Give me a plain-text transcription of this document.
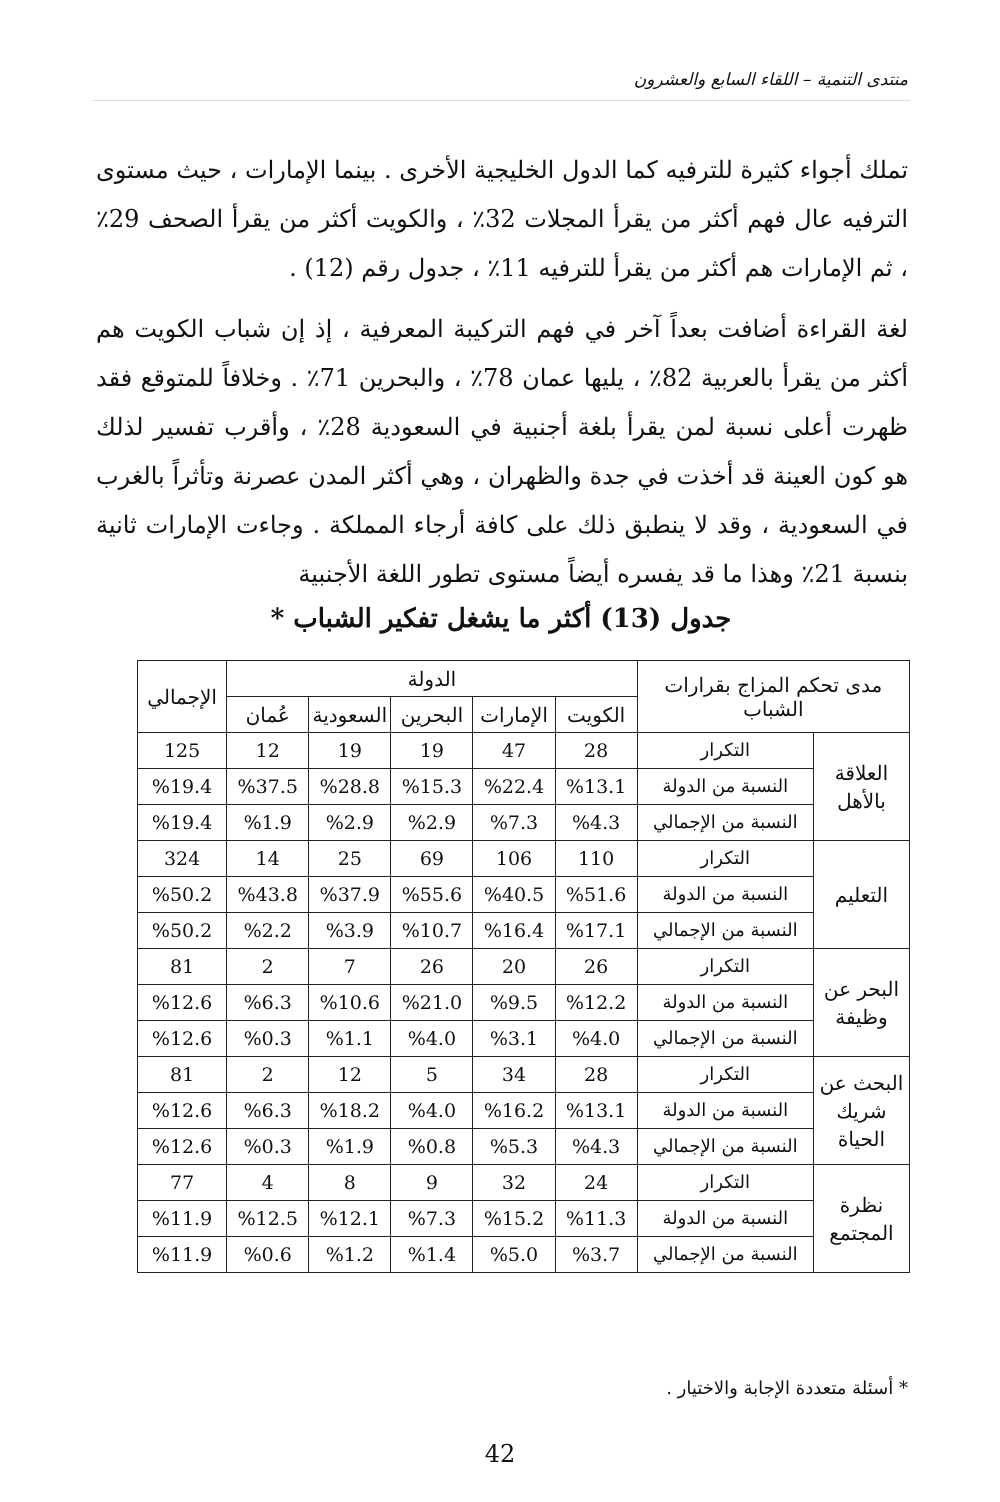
منتدى التنمية – اللقاء السابع والعشرون
تملك أجواء كثيرة للترفيه كما الدول الخليجية الأخرى . بينما الإمارات ، حيث مستوى الترفيه عال فهم أكثر من يقرأ المجلات 32٪ ، والكويت أكثر من يقرأ الصحف 29٪ ، ثم الإمارات هم أكثر من يقرأ للترفيه 11٪ ، جدول رقم (12) .
لغة القراءة أضافت بعداً آخر في فهم التركيبة المعرفية ، إذ إن شباب الكويت هم أكثر من يقرأ بالعربية 82٪ ، يليها عمان 78٪ ، والبحرين 71٪ . وخلافاً للمتوقع فقد ظهرت أعلى نسبة لمن يقرأ بلغة أجنبية في السعودية 28٪ ، وأقرب تفسير لذلك هو كون العينة قد أخذت في جدة والظهران ، وهي أكثر المدن عصرنة وتأثراً بالغرب في السعودية ، وقد لا ينطبق ذلك على كافة أرجاء المملكة . وجاءت الإمارات ثانية بنسبة 21٪ وهذا ما قد يفسره أيضاً مستوى تطور اللغة الأجنبية
جدول (13) أكثر ما يشغل تفكير الشباب *
مدى تحكم المزاج بقرارات الشباب		الدولة					الإجمالي
		الكويت	الإمارات	البحرين	السعودية	عُمان	
العلاقة بالأهل	التكرار	28	47	19	19	12	125
	النسبة من الدولة	%13.1	%22.4	%15.3	%28.8	%37.5	%19.4
	النسبة من الإجمالي	%4.3	%7.3	%2.9	%2.9	%1.9	%19.4
التعليم	التكرار	110	106	69	25	14	324
	النسبة من الدولة	%51.6	%40.5	%55.6	%37.9	%43.8	%50.2
	النسبة من الإجمالي	%17.1	%16.4	%10.7	%3.9	%2.2	%50.2
البحر عن وظيفة	التكرار	26	20	26	7	2	81
	النسبة من الدولة	%12.2	%9.5	%21.0	%10.6	%6.3	%12.6
	النسبة من الإجمالي	%4.0	%3.1	%4.0	%1.1	%0.3	%12.6
البحث عن شريك الحياة	التكرار	28	34	5	12	2	81
	النسبة من الدولة	%13.1	%16.2	%4.0	%18.2	%6.3	%12.6
	النسبة من الإجمالي	%4.3	%5.3	%0.8	%1.9	%0.3	%12.6
نظرة المجتمع	التكرار	24	32	9	8	4	77
	النسبة من الدولة	%11.3	%15.2	%7.3	%12.1	%12.5	%11.9
	النسبة من الإجمالي	%3.7	%5.0	%1.4	%1.2	%0.6	%11.9
* أسئلة متعددة الإجابة والاختيار .
42
